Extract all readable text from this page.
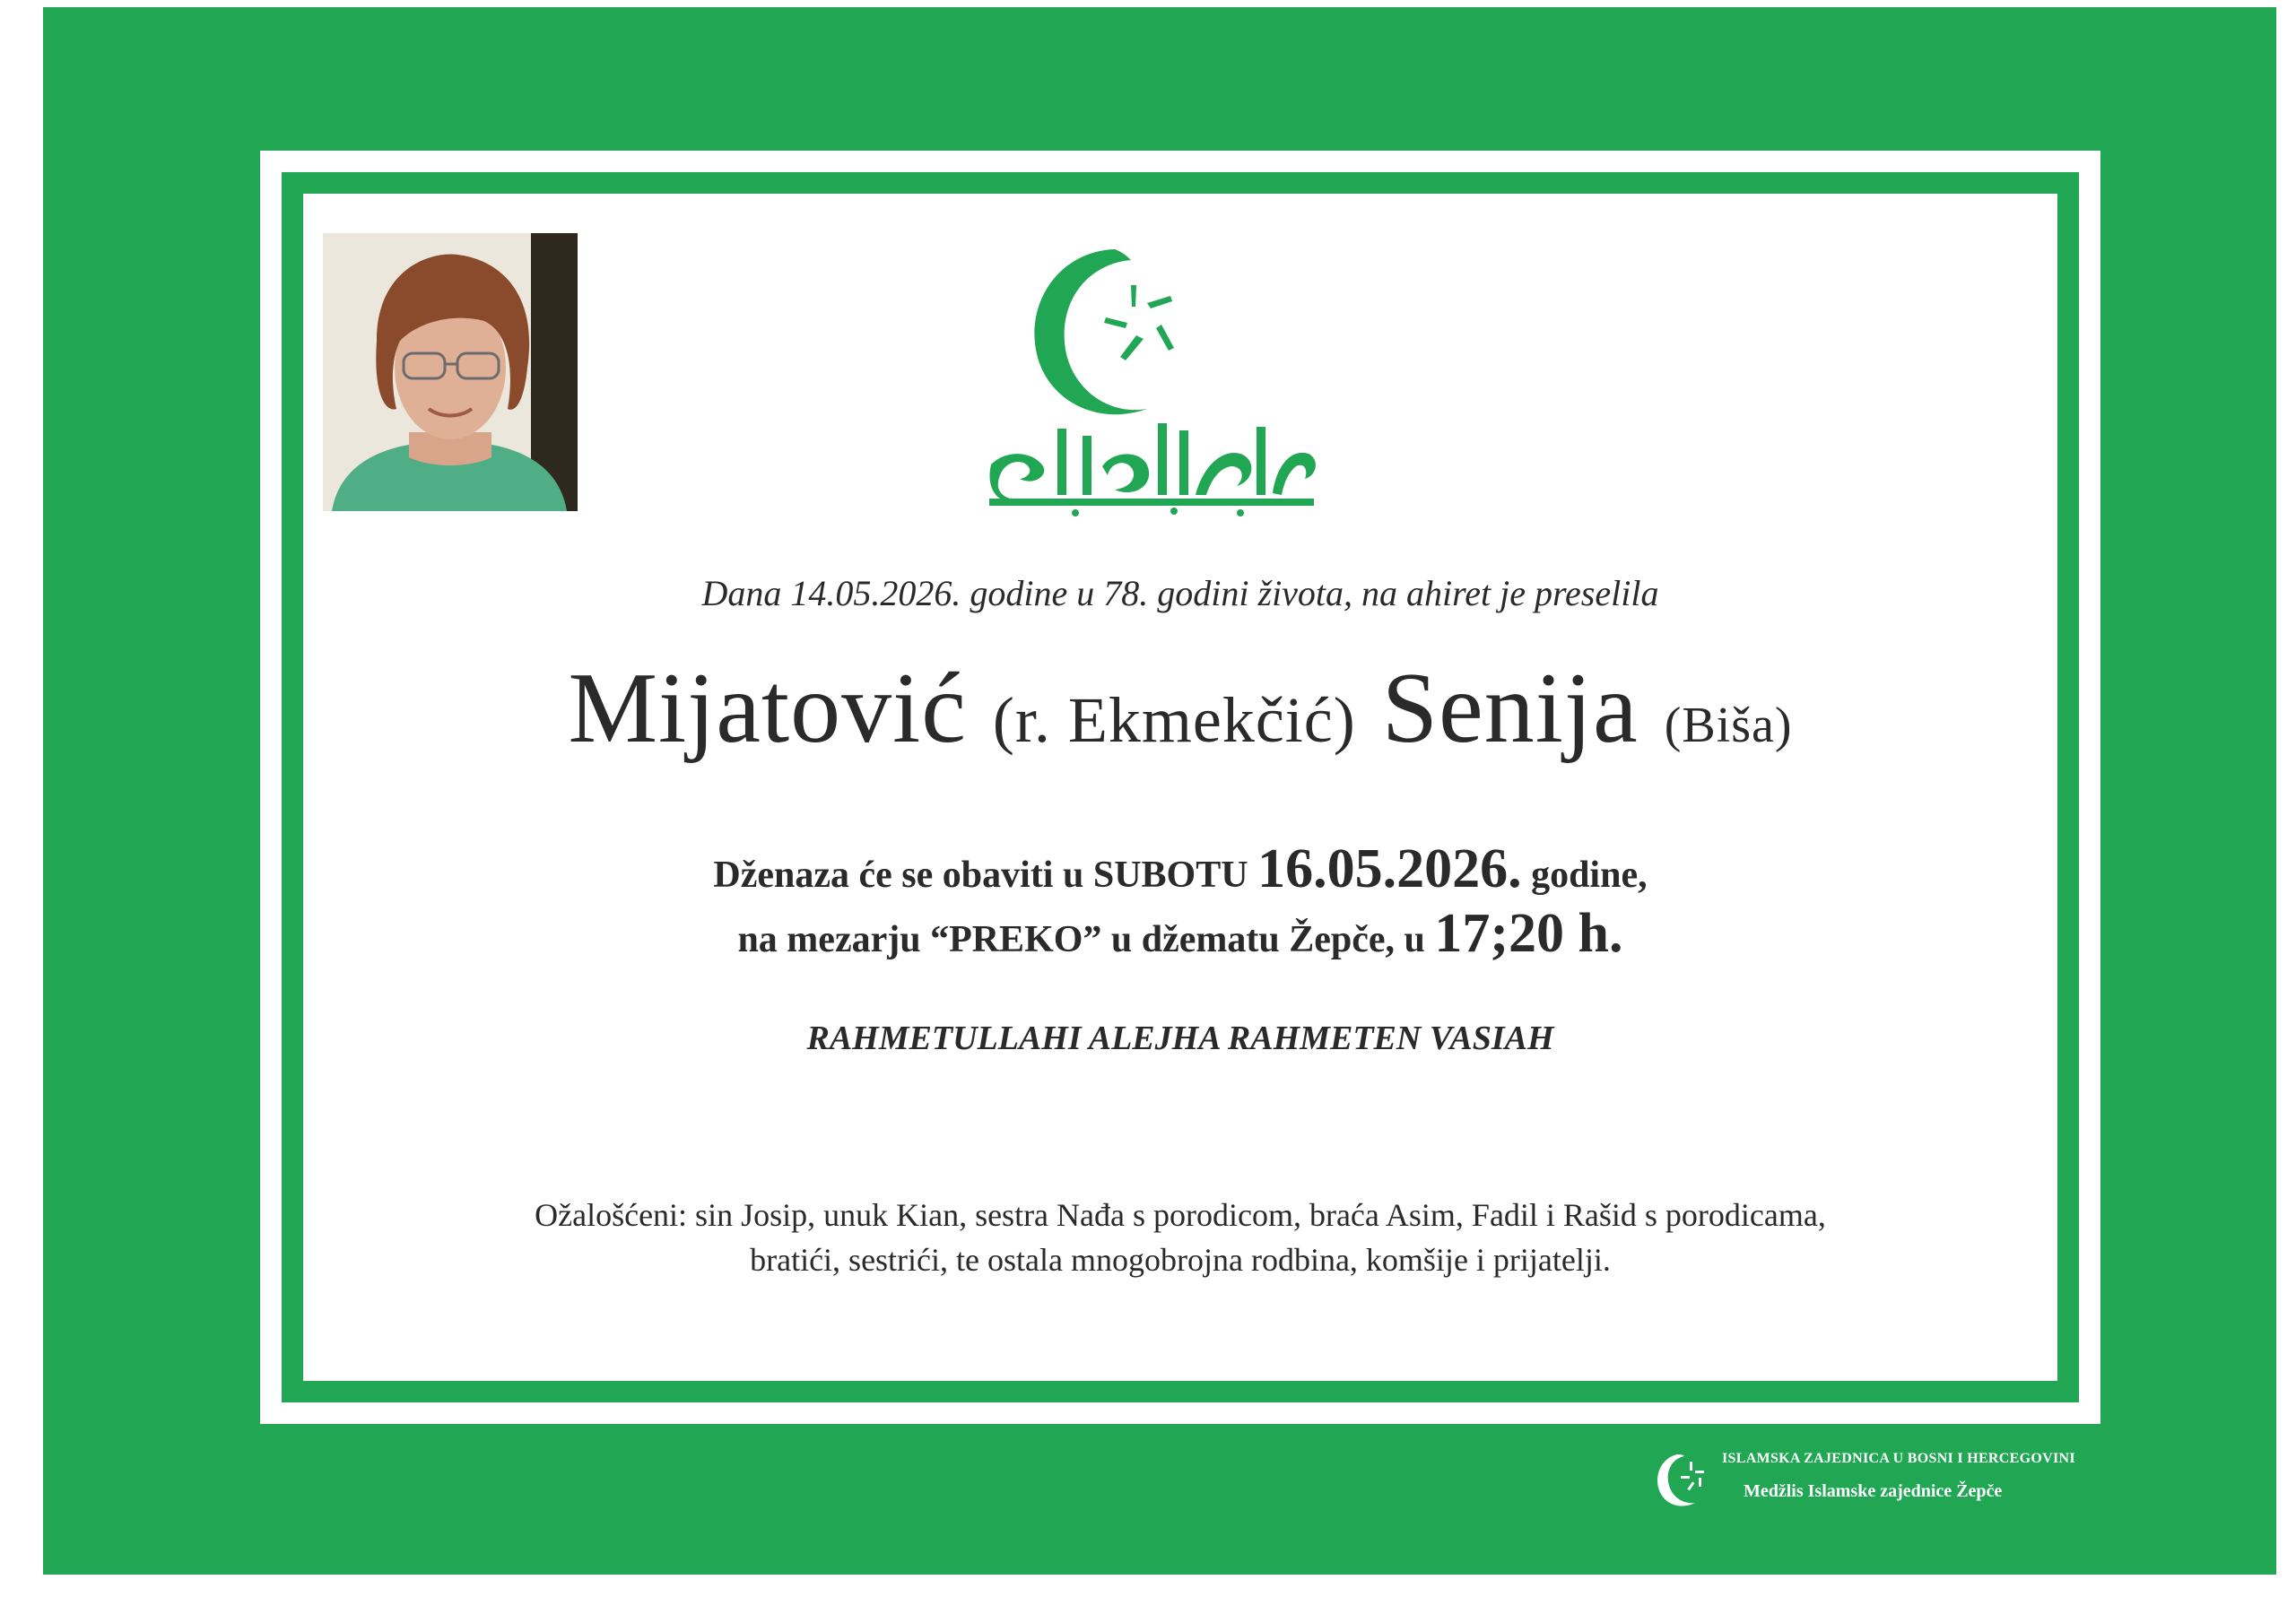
Dana 14.05.2026. godine u 78. godini života, na ahiret je preselila
Mijatović (r. Ekmekčić) Senija (Biša)
Dženaza će se obaviti u SUBOTU 16.05.2026. godine,
na mezarju “PREKO” u džematu Žepče, u 17;20 h.
RAHMETULLAHI ALEJHA RAHMETEN VASIAH
Ožalošćeni: sin Josip, unuk Kian, sestra Nađa s porodicom, braća Asim, Fadil i Rašid s porodicama,
bratići, sestrići, te ostala mnogobrojna rodbina, komšije i prijatelji.
ISLAMSKA ZAJEDNICA U BOSNI I HERCEGOVINI
Medžlis Islamske zajednice Žepče
